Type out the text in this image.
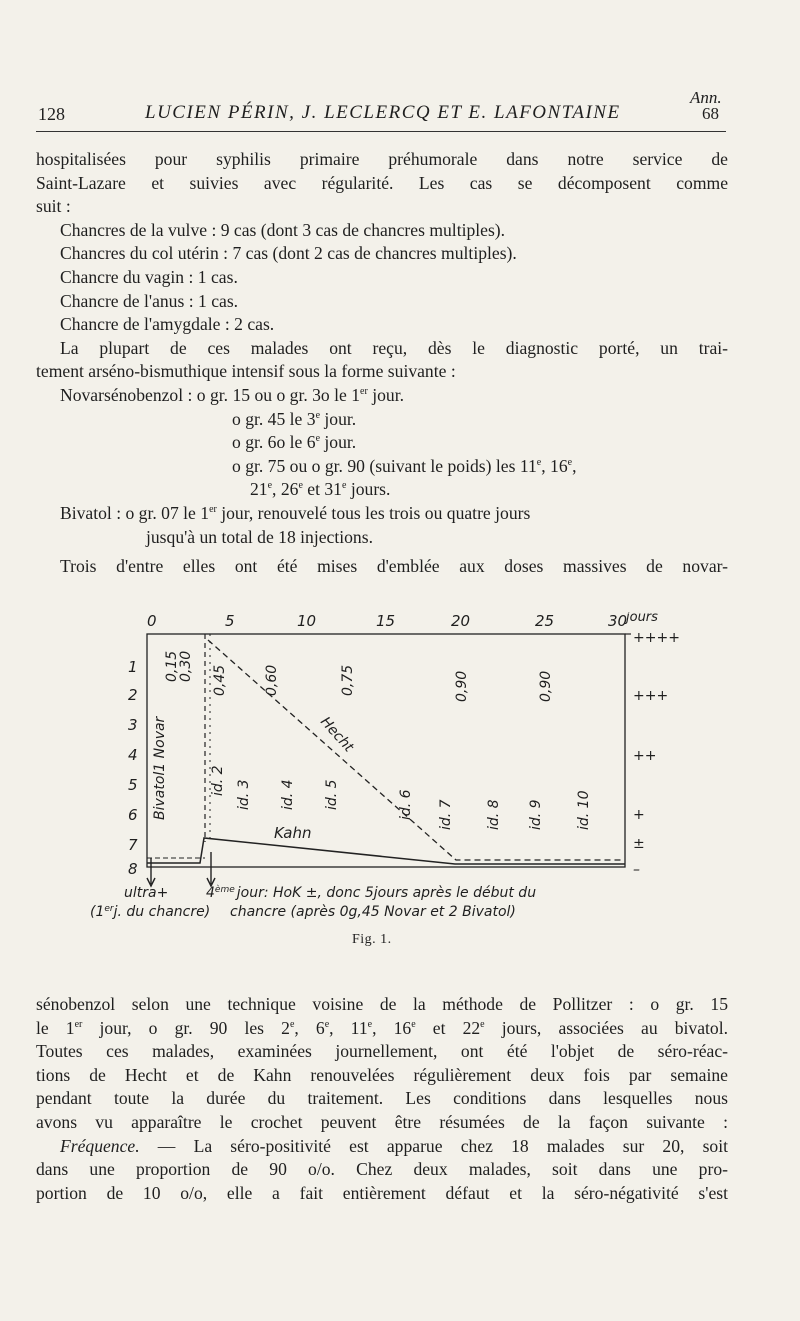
Ann.
128	LUCIEN PÉRIN, J. LECLERCQ ET E. LAFONTAINE	68
hospitalisées pour syphilis primaire préhumorale dans notre service de
Saint-Lazare et suivies avec régularité. Les cas se décomposent comme
suit :
Chancres de la vulve : 9 cas (dont 3 cas de chancres multiples).
Chancres du col utérin : 7 cas (dont 2 cas de chancres multiples).
Chancre du vagin : 1 cas.
Chancre de l'anus : 1 cas.
Chancre de l'amygdale : 2 cas.
La plupart de ces malades ont reçu, dès le diagnostic porté, un trai-
tement arséno-bismuthique intensif sous la forme suivante :
Novarsénobenzol : o gr. 15 ou o gr. 3o le 1er jour.
o gr. 45 le 3e jour.
o gr. 6o le 6e jour.
o gr. 75 ou o gr. 90 (suivant le poids) les 11e, 16e,
21e, 26e et 31e jours.
Bivatol : o gr. 07 le 1er jour, renouvelé tous les trois ou quatre jours
jusqu'à un total de 18 injections.
Trois d'entre elles ont été mises d'emblée aux doses massives de novar-
0	5	10	15	20	25	30
jours
1
2
3
4
5
6
7
8
++++
+++
++
+
±
–
Kahn
Hecht
0,15
0,30 0,45	0,60	0,75	0,90	0,90
Bivatol1 Novar	id. 2 id. 3 id. 4 id. 5	id. 6 id. 7 id. 8 id. 9 id. 10
ultra+
(1erj. du chancre)
4ème jour: HoK ±, donc 5jours après le début du
chancre (après 0g,45 Novar et 2 Bivatol)
Fig. 1.
sénobenzol selon une technique voisine de la méthode de Pollitzer : o gr. 15
le 1er jour, o gr. 90 les 2e, 6e, 11e, 16e et 22e jours, associées au bivatol.
Toutes ces malades, examinées journellement, ont été l'objet de séro-réac-
tions de Hecht et de Kahn renouvelées régulièrement deux fois par semaine
pendant toute la durée du traitement. Les conditions dans lesquelles nous
avons vu apparaître le crochet peuvent être résumées de la façon suivante :
Fréquence. — La séro-positivité est apparue chez 18 malades sur 20, soit
dans une proportion de 90 o/o. Chez deux malades, soit dans une pro-
portion de 10 o/o, elle a fait entièrement défaut et la séro-négativité s'est
